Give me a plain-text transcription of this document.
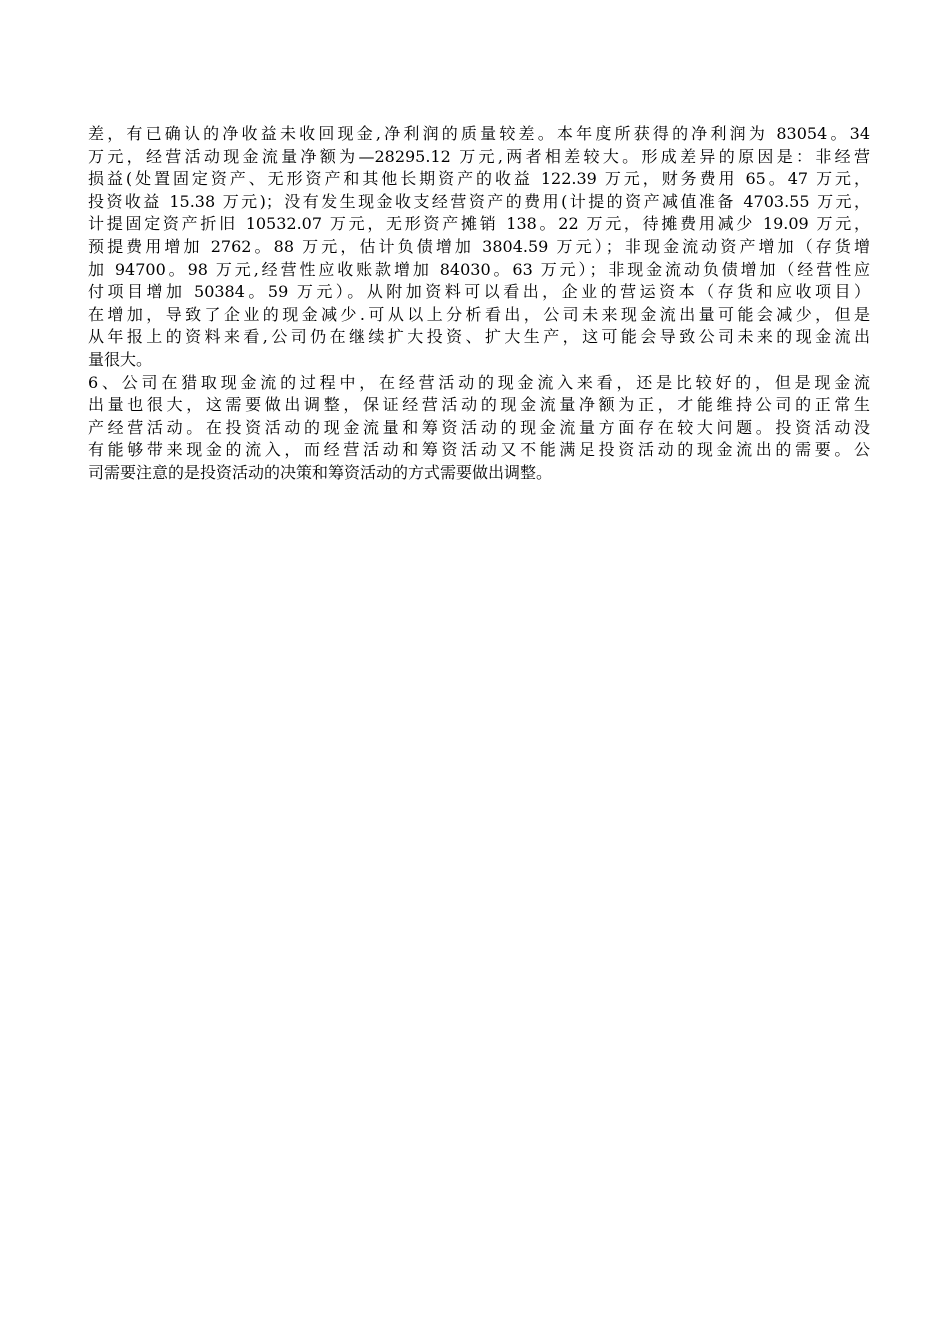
差，有已确认的净收益未收回现金,净利润的质量较差。本年度所获得的净利润为 83054。34
万元，经营活动现金流量净额为—28295.12 万元,两者相差较大。形成差异的原因是：非经营
损益(处置固定资产、无形资产和其他长期资产的收益 122.39 万元，财务费用 65。47 万元，
投资收益 15.38 万元)；没有发生现金收支经营资产的费用(计提的资产减值准备 4703.55 万元，
计提固定资产折旧 10532.07 万元，无形资产摊销 138。22 万元，待摊费用减少 19.09 万元，
预提费用增加 2762。88 万元，估计负债增加 3804.59 万元）；非现金流动资产增加（存货增
加 94700。98 万元,经营性应收账款增加 84030。63 万元）；非现金流动负债增加（经营性应
付项目增加 50384。59 万元）。从附加资料可以看出，企业的营运资本（存货和应收项目）
在增加，导致了企业的现金减少.可从以上分析看出，公司未来现金流出量可能会减少，但是
从年报上的资料来看,公司仍在继续扩大投资、扩大生产，这可能会导致公司未来的现金流出
量很大。
6、公司在猎取现金流的过程中，在经营活动的现金流入来看，还是比较好的，但是现金流
出量也很大，这需要做出调整，保证经营活动的现金流量净额为正，才能维持公司的正常生
产经营活动。在投资活动的现金流量和筹资活动的现金流量方面存在较大问题。投资活动没
有能够带来现金的流入，而经营活动和筹资活动又不能满足投资活动的现金流出的需要。公
司需要注意的是投资活动的决策和筹资活动的方式需要做出调整。
